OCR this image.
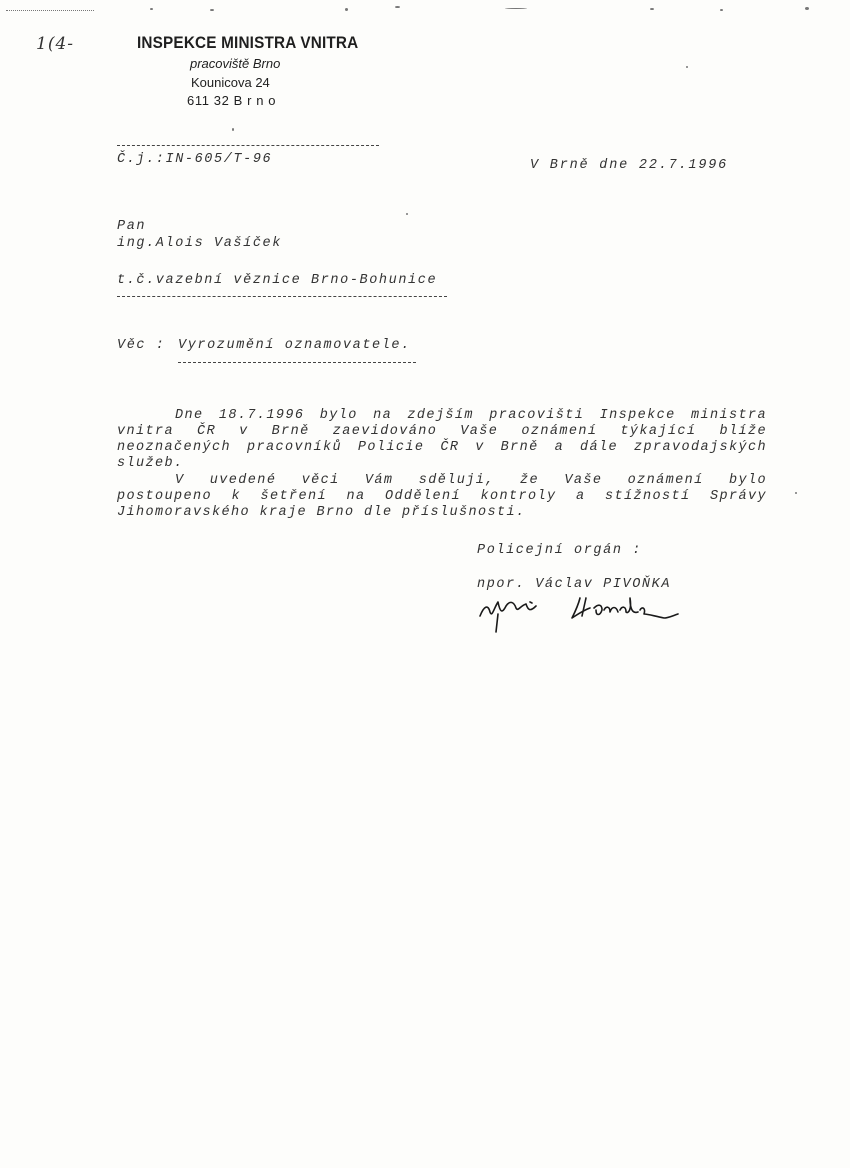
1(4-	INSPEKCE MINISTRA VNITRA
pracoviště Brno
Kounicova 24
611 32 B r n o
Č.j.:IN-605/T-96	V Brně dne 22.7.1996
Pan
ing.Alois Vašíček
t.č.vazební věznice Brno-Bohunice
Věc : Vyrozumění oznamovatele.
Dne 18.7.1996 bylo na zdejším pracovišti Inspekce ministra
vnitra ČR v Brně zaevidováno Vaše oznámení týkající blíže
neoznačených pracovníků Policie ČR v Brně a dále zpravodajských
služeb.
V uvedené věci Vám sděluji, že Vaše oznámení bylo
postoupeno k šetření na Oddělení kontroly a stížností Správy
Jihomoravského kraje Brno dle příslušnosti.
Policejní orgán :
npor. Václav PIVOŇKA
